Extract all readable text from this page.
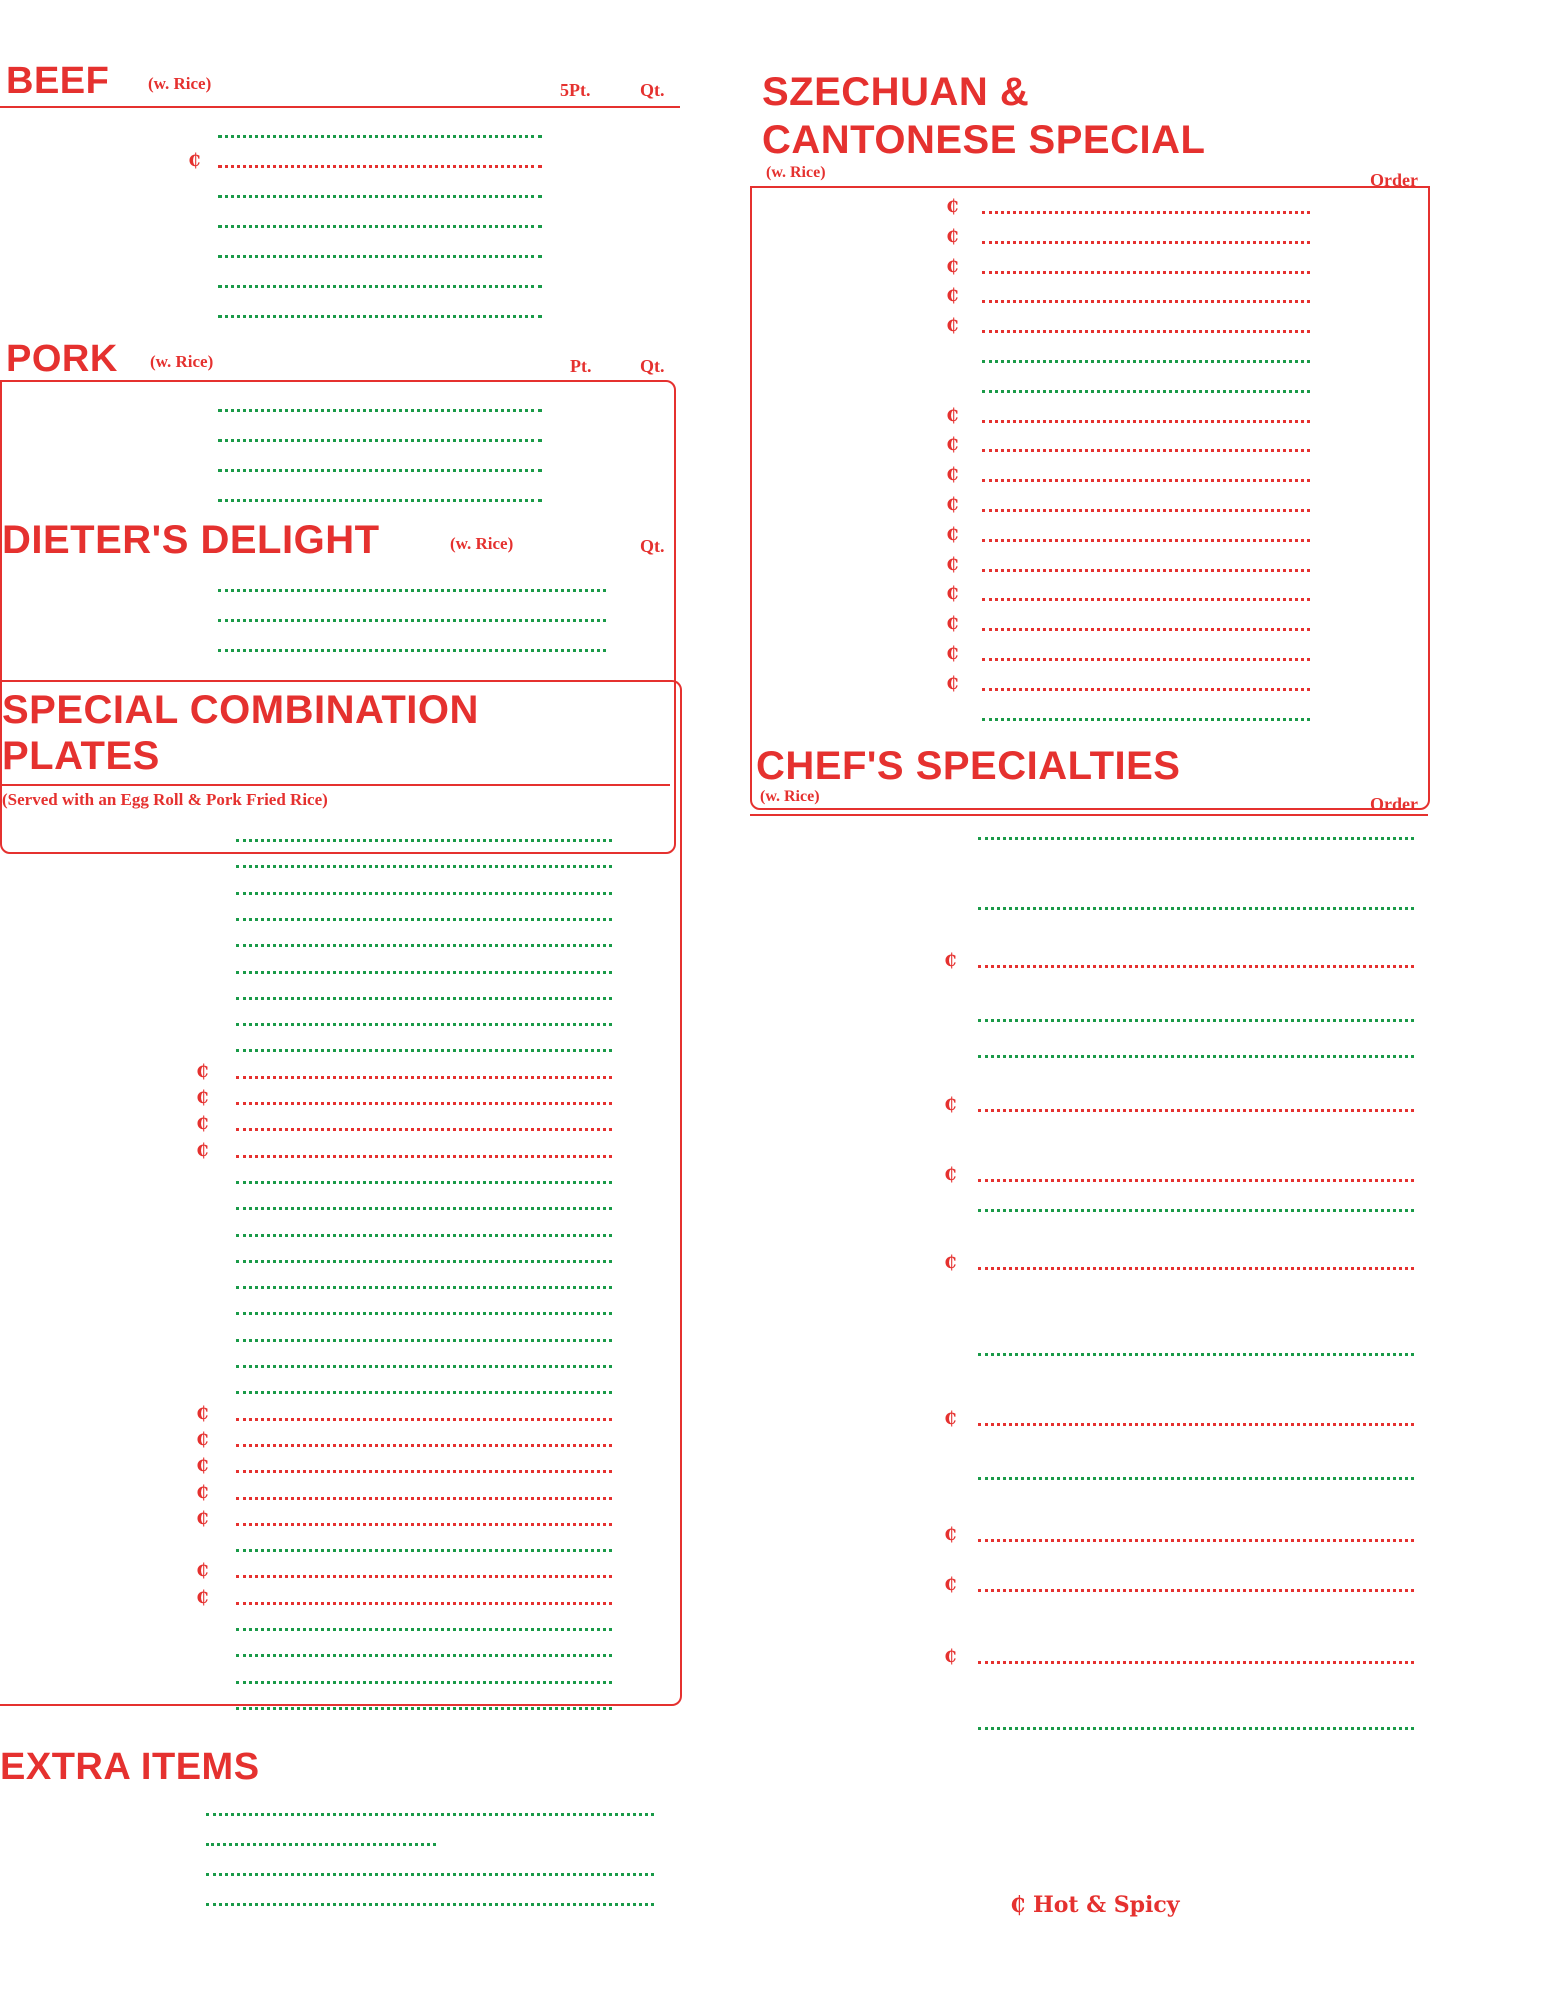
BEEF (w. Rice)	5Pt.	Qt.
₵
PORK (w. Rice)	Pt.	Qt.
DIETER'S DELIGHT	(w. Rice)	Qt.
SPECIAL COMBINATION
PLATES
(Served with an Egg Roll & Pork Fried Rice)
₵
₵
₵
₵
₵
₵
₵
₵
₵
₵
₵
EXTRA ITEMS
SZECHUAN &
CANTONESE SPECIAL
(w. Rice)	Order
₵
₵
₵
₵
₵
₵
₵
₵
₵
₵
₵
₵
₵
₵
₵
CHEF'S SPECIALTIES
(w. Rice)	Order
₵
₵
₵
₵
₵
₵
₵
₵
₵ Hot & Spicy
